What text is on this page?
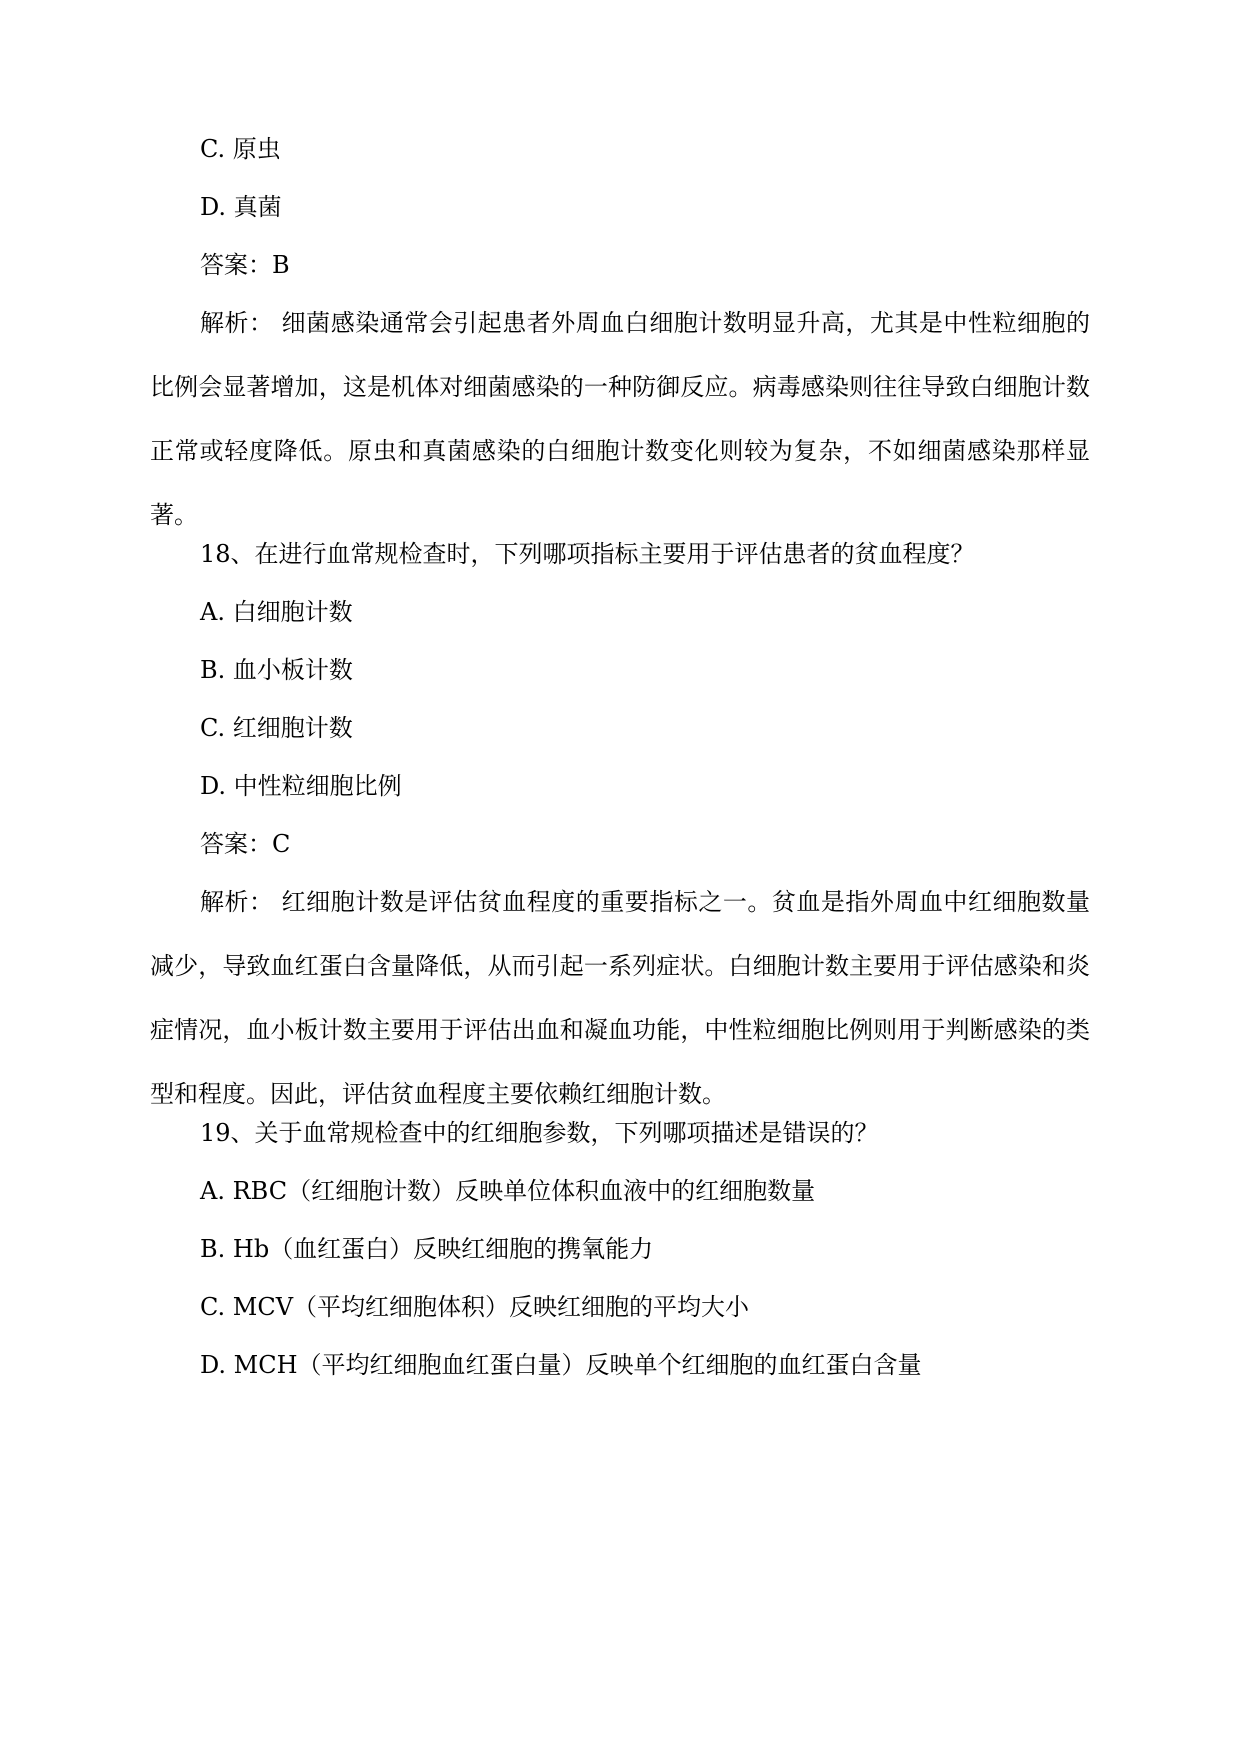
C. 原虫
D. 真菌
答案：B

解析： 细菌感染通常会引起患者外周血白细胞计数明显升高，尤其是中性粒细胞的比例会显著增加，这是机体对细菌感染的一种防御反应。病毒感染则往往导致白细胞计数正常或轻度降低。原虫和真菌感染的白细胞计数变化则较为复杂，不如细菌感染那样显著。

18、在进行血常规检查时，下列哪项指标主要用于评估患者的贫血程度？
A. 白细胞计数
B. 血小板计数
C. 红细胞计数
D. 中性粒细胞比例
答案：C

解析： 红细胞计数是评估贫血程度的重要指标之一。贫血是指外周血中红细胞数量减少，导致血红蛋白含量降低，从而引起一系列症状。白细胞计数主要用于评估感染和炎症情况，血小板计数主要用于评估出血和凝血功能，中性粒细胞比例则用于判断感染的类型和程度。因此，评估贫血程度主要依赖红细胞计数。

19、关于血常规检查中的红细胞参数，下列哪项描述是错误的？
A. RBC（红细胞计数）反映单位体积血液中的红细胞数量
B. Hb（血红蛋白）反映红细胞的携氧能力
C. MCV（平均红细胞体积）反映红细胞的平均大小
D. MCH（平均红细胞血红蛋白量）反映单个红细胞的血红蛋白含量
